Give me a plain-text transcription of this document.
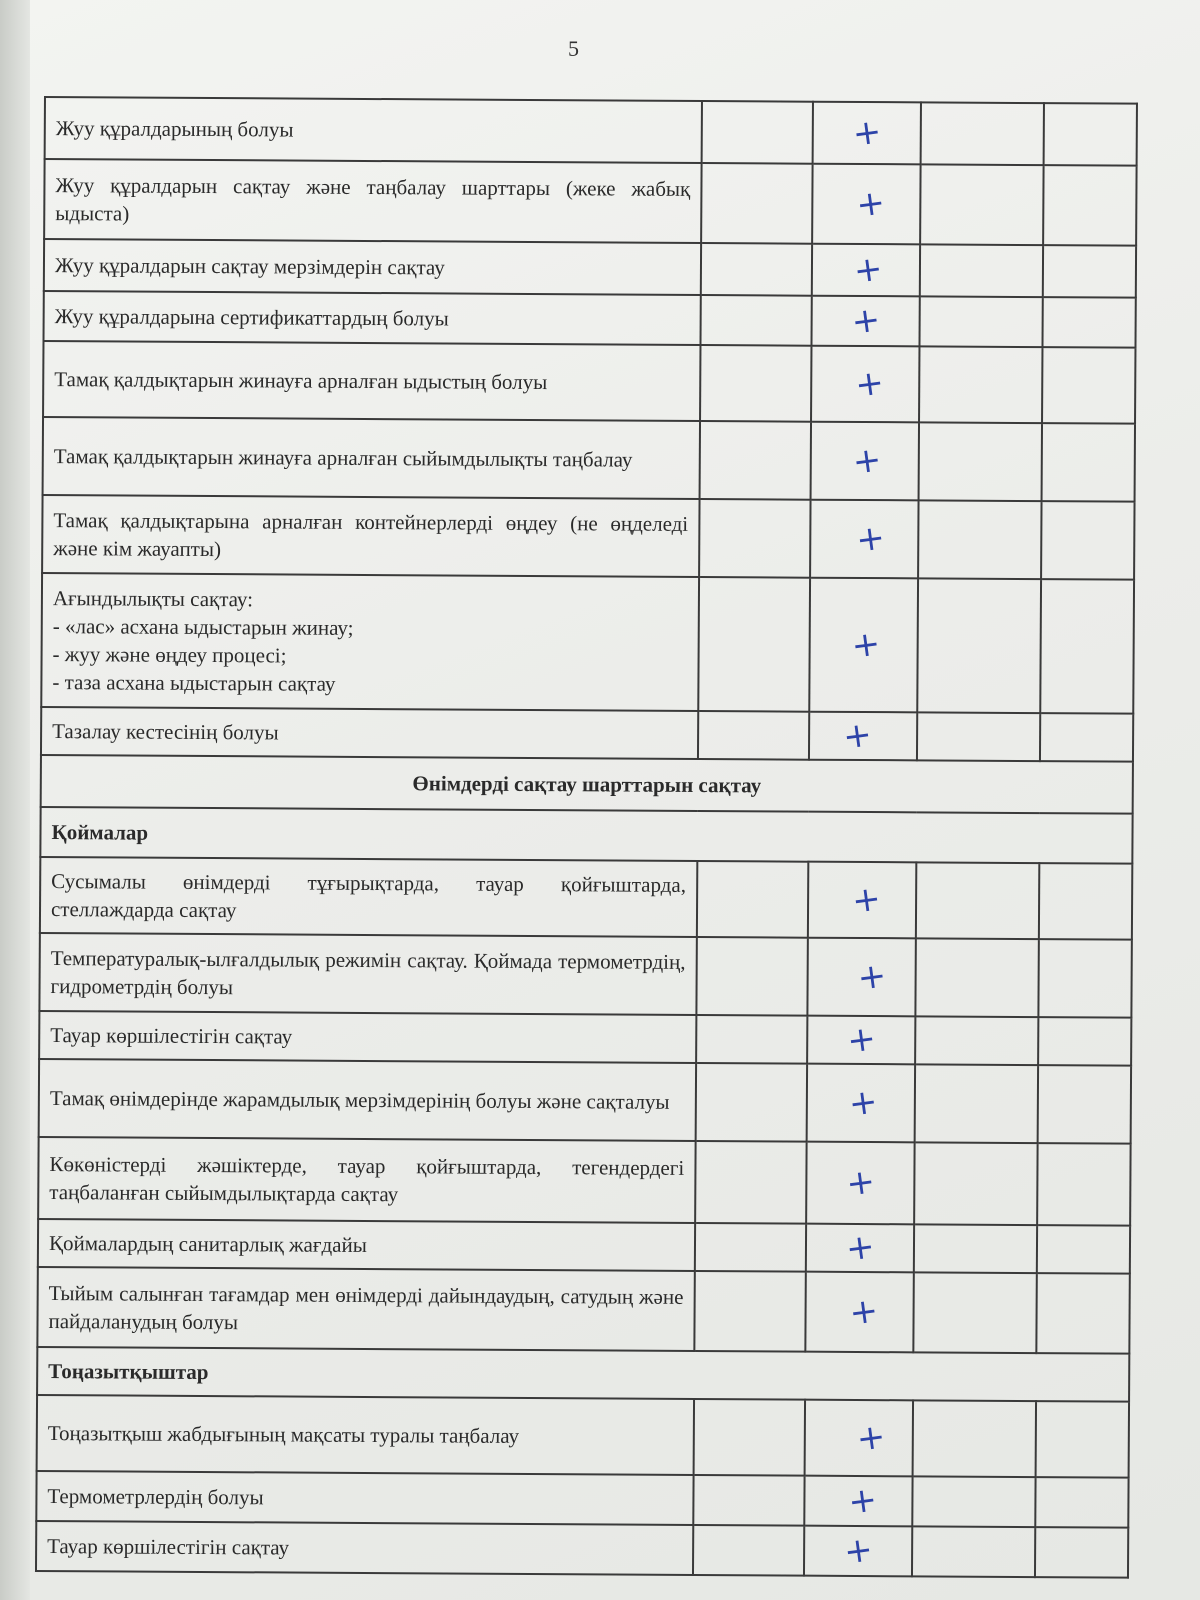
5
Жуу құралдарының болуы		+		
Жуу құралдарын сақтау және таңбалау шарттары (жеке жабық ыдыста)		+		
Жуу құралдарын сақтау мерзімдерін сақтау		+		
Жуу құралдарына сертификаттардың болуы		+		
Тамақ қалдықтарын жинауға арналған ыдыстың болуы		+		
Тамақ қалдықтарын жинауға арналған сыйымдылықты таңбалау		+		
Тамақ қалдықтарына арналған контейнерлерді өңдеу (не өңделеді және кім жауапты)		+		

Ағындылықты сақтау:
- «лас» асхана ыдыстарын жинау;
- жуу және өңдеу процесі;
- таза асхана ыдыстарын сақтау		+		
Тазалау кестесінің болуы		+		
Өнімдерді сақтау шарттарын сақтау				
Қоймалар				
Сусымалы өнімдерді тұғырықтарда, тауар қойғыштарда, стеллаждарда сақтау		+		
Температуралық-ылғалдылық режимін сақтау. Қоймада термометрдің, гидрометрдің болуы		+		
Тауар көршілестігін сақтау		+		
Тамақ өнімдерінде жарамдылық мерзімдерінің болуы және сақталуы		+		
Көкөністерді жәшіктерде, тауар қойғыштарда, тегендердегі таңбаланған сыйымдылықтарда сақтау		+		
Қоймалардың санитарлық жағдайы		+		
Тыйым салынған тағамдар мен өнімдерді дайындаудың, сатудың және пайдаланудың болуы		+		
Тоңазытқыштар				
Тоңазытқыш жабдығының мақсаты туралы таңбалау		+		
Термометрлердің болуы		+		
Тауар көршілестігін сақтау		+		
